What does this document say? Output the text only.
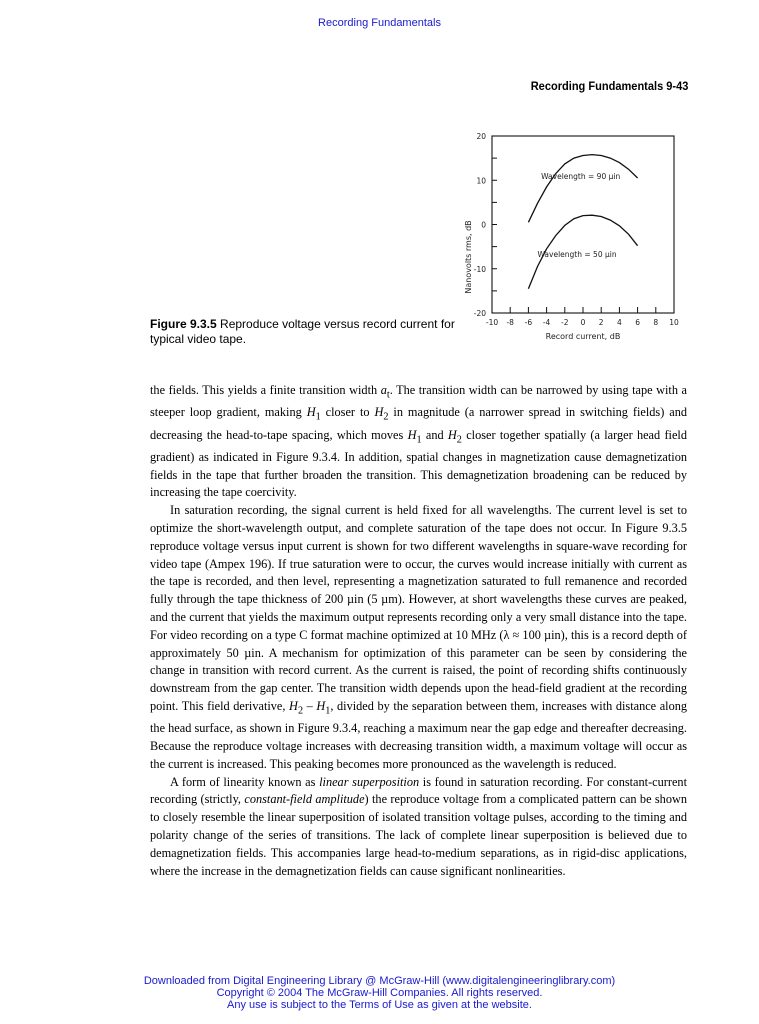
Recording Fundamentals
Recording Fundamentals 9-43
-10 -8 -6 -4 -2 0 2 4 6 8 10
20
10
0
-10
-20
Nanovolts rms, dB
Record current, dB
Wavelength = 90 µin
Wavelength = 50 µin
Figure 9.3.5 Reproduce voltage versus record current for typical video tape.

the fields. This yields a finite transition width $a_t$. The transition width can be narrowed by using tape with a steeper loop gradient, making $H_1$ closer to $H_2$ in magnitude (a narrower spread in switching fields) and decreasing the head-to-tape spacing, which moves $H_1$ and $H_2$ closer together spatially (a larger head field gradient) as indicated in Figure 9.3.4. In addition, spatial changes in magnetization cause demagnetization fields in the tape that further broaden the transition. This demagnetization broadening can be reduced by increasing the tape coercivity.

In saturation recording, the signal current is held fixed for all wavelengths. The current level is set to optimize the short-wavelength output, and complete saturation of the tape does not occur. In Figure 9.3.5 reproduce voltage versus input current is shown for two different wavelengths in square-wave recording for video tape (Ampex 196). If true saturation were to occur, the curves would increase initially with current as the tape is recorded, and then level, representing a magnetization saturated to full remanence and recorded fully through the tape thickness of 200 µin (5 µm). However, at short wavelengths these curves are peaked, and the current that yields the maximum output represents recording only a very small distance into the tape. For video recording on a type C format machine optimized at 10 MHz (λ ≈ 100 µin), this is a record depth of approximately 50 µin. A mechanism for optimization of this parameter can be seen by considering the change in transition with record current. As the current is raised, the point of recording shifts continuously downstream from the gap center. The transition width depends upon the head-field gradient at the recording point. This field derivative, $H_2 - H_1$, divided by the separation between them, increases with distance along the head surface, as shown in Figure 9.3.4, reaching a maximum near the gap edge and thereafter decreasing. Because the reproduce voltage increases with decreasing transition width, a maximum voltage will occur as the current is increased. This peaking becomes more pronounced as the wavelength is reduced.

A form of linearity known as linear superposition is found in saturation recording. For constant-current recording (strictly, constant-field amplitude) the reproduce voltage from a complicated pattern can be shown to closely resemble the linear superposition of isolated transition voltage pulses, according to the timing and polarity change of the series of transitions. The lack of complete linear superposition is believed due to demagnetization fields. This accompanies large head-to-medium separations, as in rigid-disc applications, where the increase in the demagnetization fields can cause significant nonlinearities.

Downloaded from Digital Engineering Library @ McGraw-Hill (www.digitalengineeringlibrary.com)
Copyright © 2004 The McGraw-Hill Companies. All rights reserved.
Any use is subject to the Terms of Use as given at the website.
